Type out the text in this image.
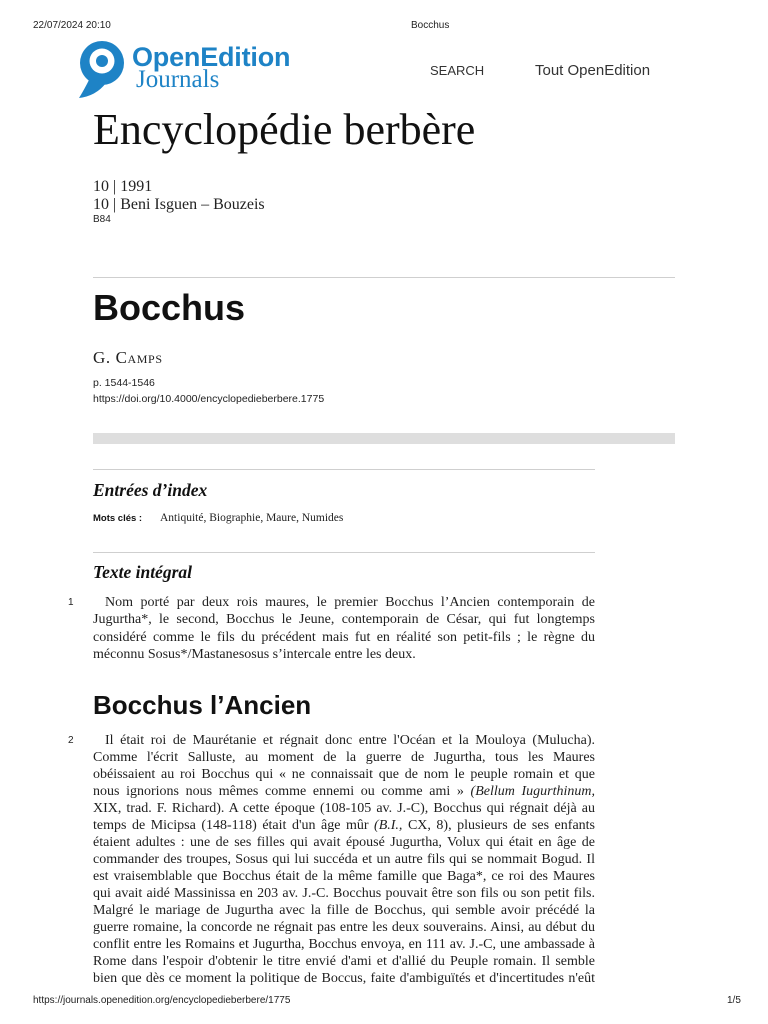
22/07/2024 20:10	Bocchus
OpenEdition
Journals	SEARCH	Tout OpenEdition
Encyclopédie berbère
10 | 1991
10 | Beni Isguen – Bouzeis
B84
Bocchus
G. Camps
p. 1544-1546
https://doi.org/10.4000/encyclopedieberbere.1775
Entrées d’index
Mots clés : Antiquité, Biographie, Maure, Numides
Texte intégral
1	Nom porté par deux rois maures, le premier Bocchus l’Ancien contemporain de
Jugurtha*, le second, Bocchus le Jeune, contemporain de César, qui fut longtemps
considéré comme le fils du précédent mais fut en réalité son petit-fils ; le règne du
méconnu Sosus*/Mastanesosus s’intercale entre les deux.
Bocchus l’Ancien
2	Il était roi de Maurétanie et régnait donc entre l'Océan et la Mouloya (Mulucha).
Comme l'écrit Salluste, au moment de la guerre de Jugurtha, tous les Maures
obéissaient au roi Bocchus qui « ne connaissait que de nom le peuple romain et que
nous ignorions nous mêmes comme ennemi ou comme ami » (Bellum Iugurthinum,
XIX, trad. F. Richard). A cette époque (108-105 av. J.-C), Bocchus qui régnait déjà au
temps de Micipsa (148-118) était d'un âge mûr (B.I., CX, 8), plusieurs de ses enfants
étaient adultes : une de ses filles qui avait épousé Jugurtha, Volux qui était en âge de
commander des troupes, Sosus qui lui succéda et un autre fils qui se nommait Bogud. Il
est vraisemblable que Bocchus était de la même famille que Baga*, ce roi des Maures
qui avait aidé Massinissa en 203 av. J.-C. Bocchus pouvait être son fils ou son petit fils.
Malgré le mariage de Jugurtha avec la fille de Bocchus, qui semble avoir précédé la
guerre romaine, la concorde ne régnait pas entre les deux souverains. Ainsi, au début du
conflit entre les Romains et Jugurtha, Bocchus envoya, en 111 av. J.-C, une ambassade à
Rome dans l'espoir d'obtenir le titre envié d'ami et d'allié du Peuple romain. Il semble
bien que dès ce moment la politique de Boccus, faite d'ambiguïtés et d'incertitudes n'eût
https://journals.openedition.org/encyclopedieberbere/1775	1/5
